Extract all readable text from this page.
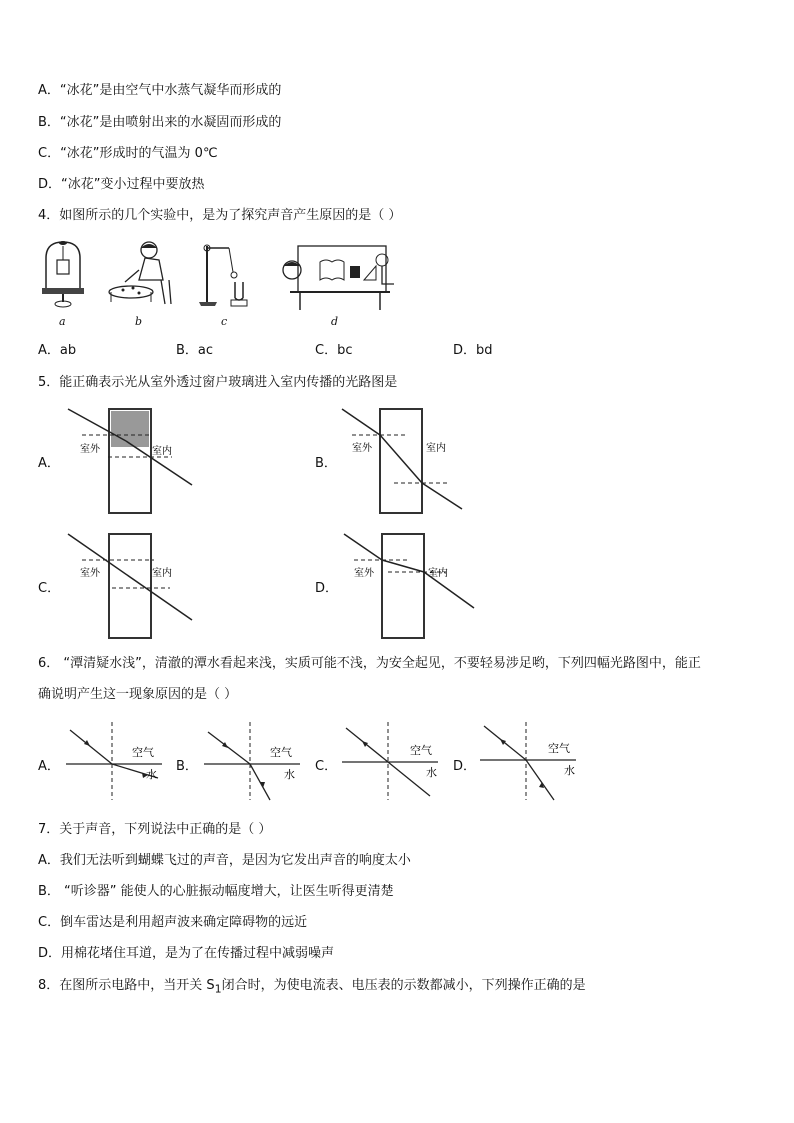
A．“冰花”是由空气中水蒸气凝华而形成的
B．“冰花”是由喷射出来的水凝固而形成的
C．“冰花”形成时的气温为 0℃
D．“冰花”变小过程中要放热
4．如图所示的几个实验中，是为了探究声音产生原因的是（ ）
a	b	c	d
A．ab	B．ac	C．bc	D．bd
5．能正确表示光从室外透过窗户玻璃进入室内传播的光路图是
A．
室外	室内
B．
室外	室内
C．
室外	室内
D．
室外	室内
6． “潭清疑水浅”，清澈的潭水看起来浅，实质可能不浅，为安全起见，不要轻易涉足哟，下列四幅光路图中，能正
确说明产生这一现象原因的是（ ）
A．
空气
水
B．
空气
水
C．
空气
水 D．
空气
水
7．关于声音，下列说法中正确的是（ ）
A．我们无法听到蝴蝶飞过的声音，是因为它发出声音的响度太小
B． “听诊器” 能使人的心脏振动幅度增大，让医生听得更清楚
C．倒车雷达是利用超声波来确定障碍物的远近
D．用棉花堵住耳道，是为了在传播过程中减弱噪声
8．在图所示电路中，当开关 $S_1$闭合时，为使电流表、电压表的示数都减小，下列操作正确的是
